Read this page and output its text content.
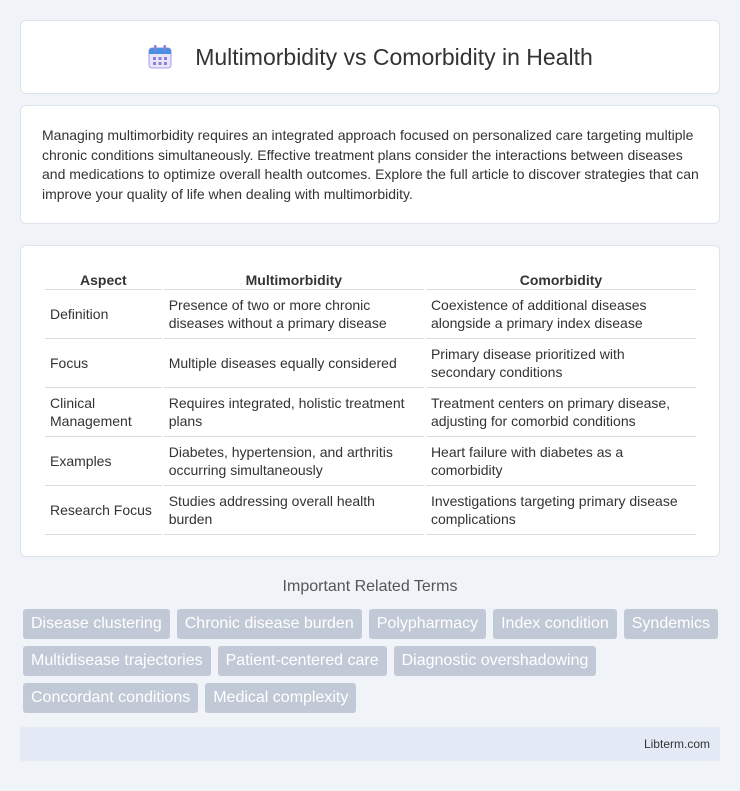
Multimorbidity vs Comorbidity in Health

Managing multimorbidity requires an integrated approach focused on personalized care targeting multiple chronic conditions simultaneously. Effective treatment plans consider the interactions between diseases and medications to optimize overall health outcomes. Explore the full article to discover strategies that can improve your quality of life when dealing with multimorbidity.

Aspect	Multimorbidity	Comorbidity
Definition	Presence of two or more chronic diseases without a primary disease	Coexistence of additional diseases alongside a primary index disease
Focus	Multiple diseases equally considered	Primary disease prioritized with secondary conditions
Clinical Management	Requires integrated, holistic treatment plans	Treatment centers on primary disease, adjusting for comorbid conditions
Examples	Diabetes, hypertension, and arthritis occurring simultaneously	Heart failure with diabetes as a comorbidity
Research Focus	Studies addressing overall health burden	Investigations targeting primary disease complications
Important Related Terms
Disease clustering	Chronic disease burden	Polypharmacy	Index condition	Syndemics
Multidisease trajectories	Patient-centered care	Diagnostic overshadowing
Concordant conditions	Medical complexity
Libterm.com
